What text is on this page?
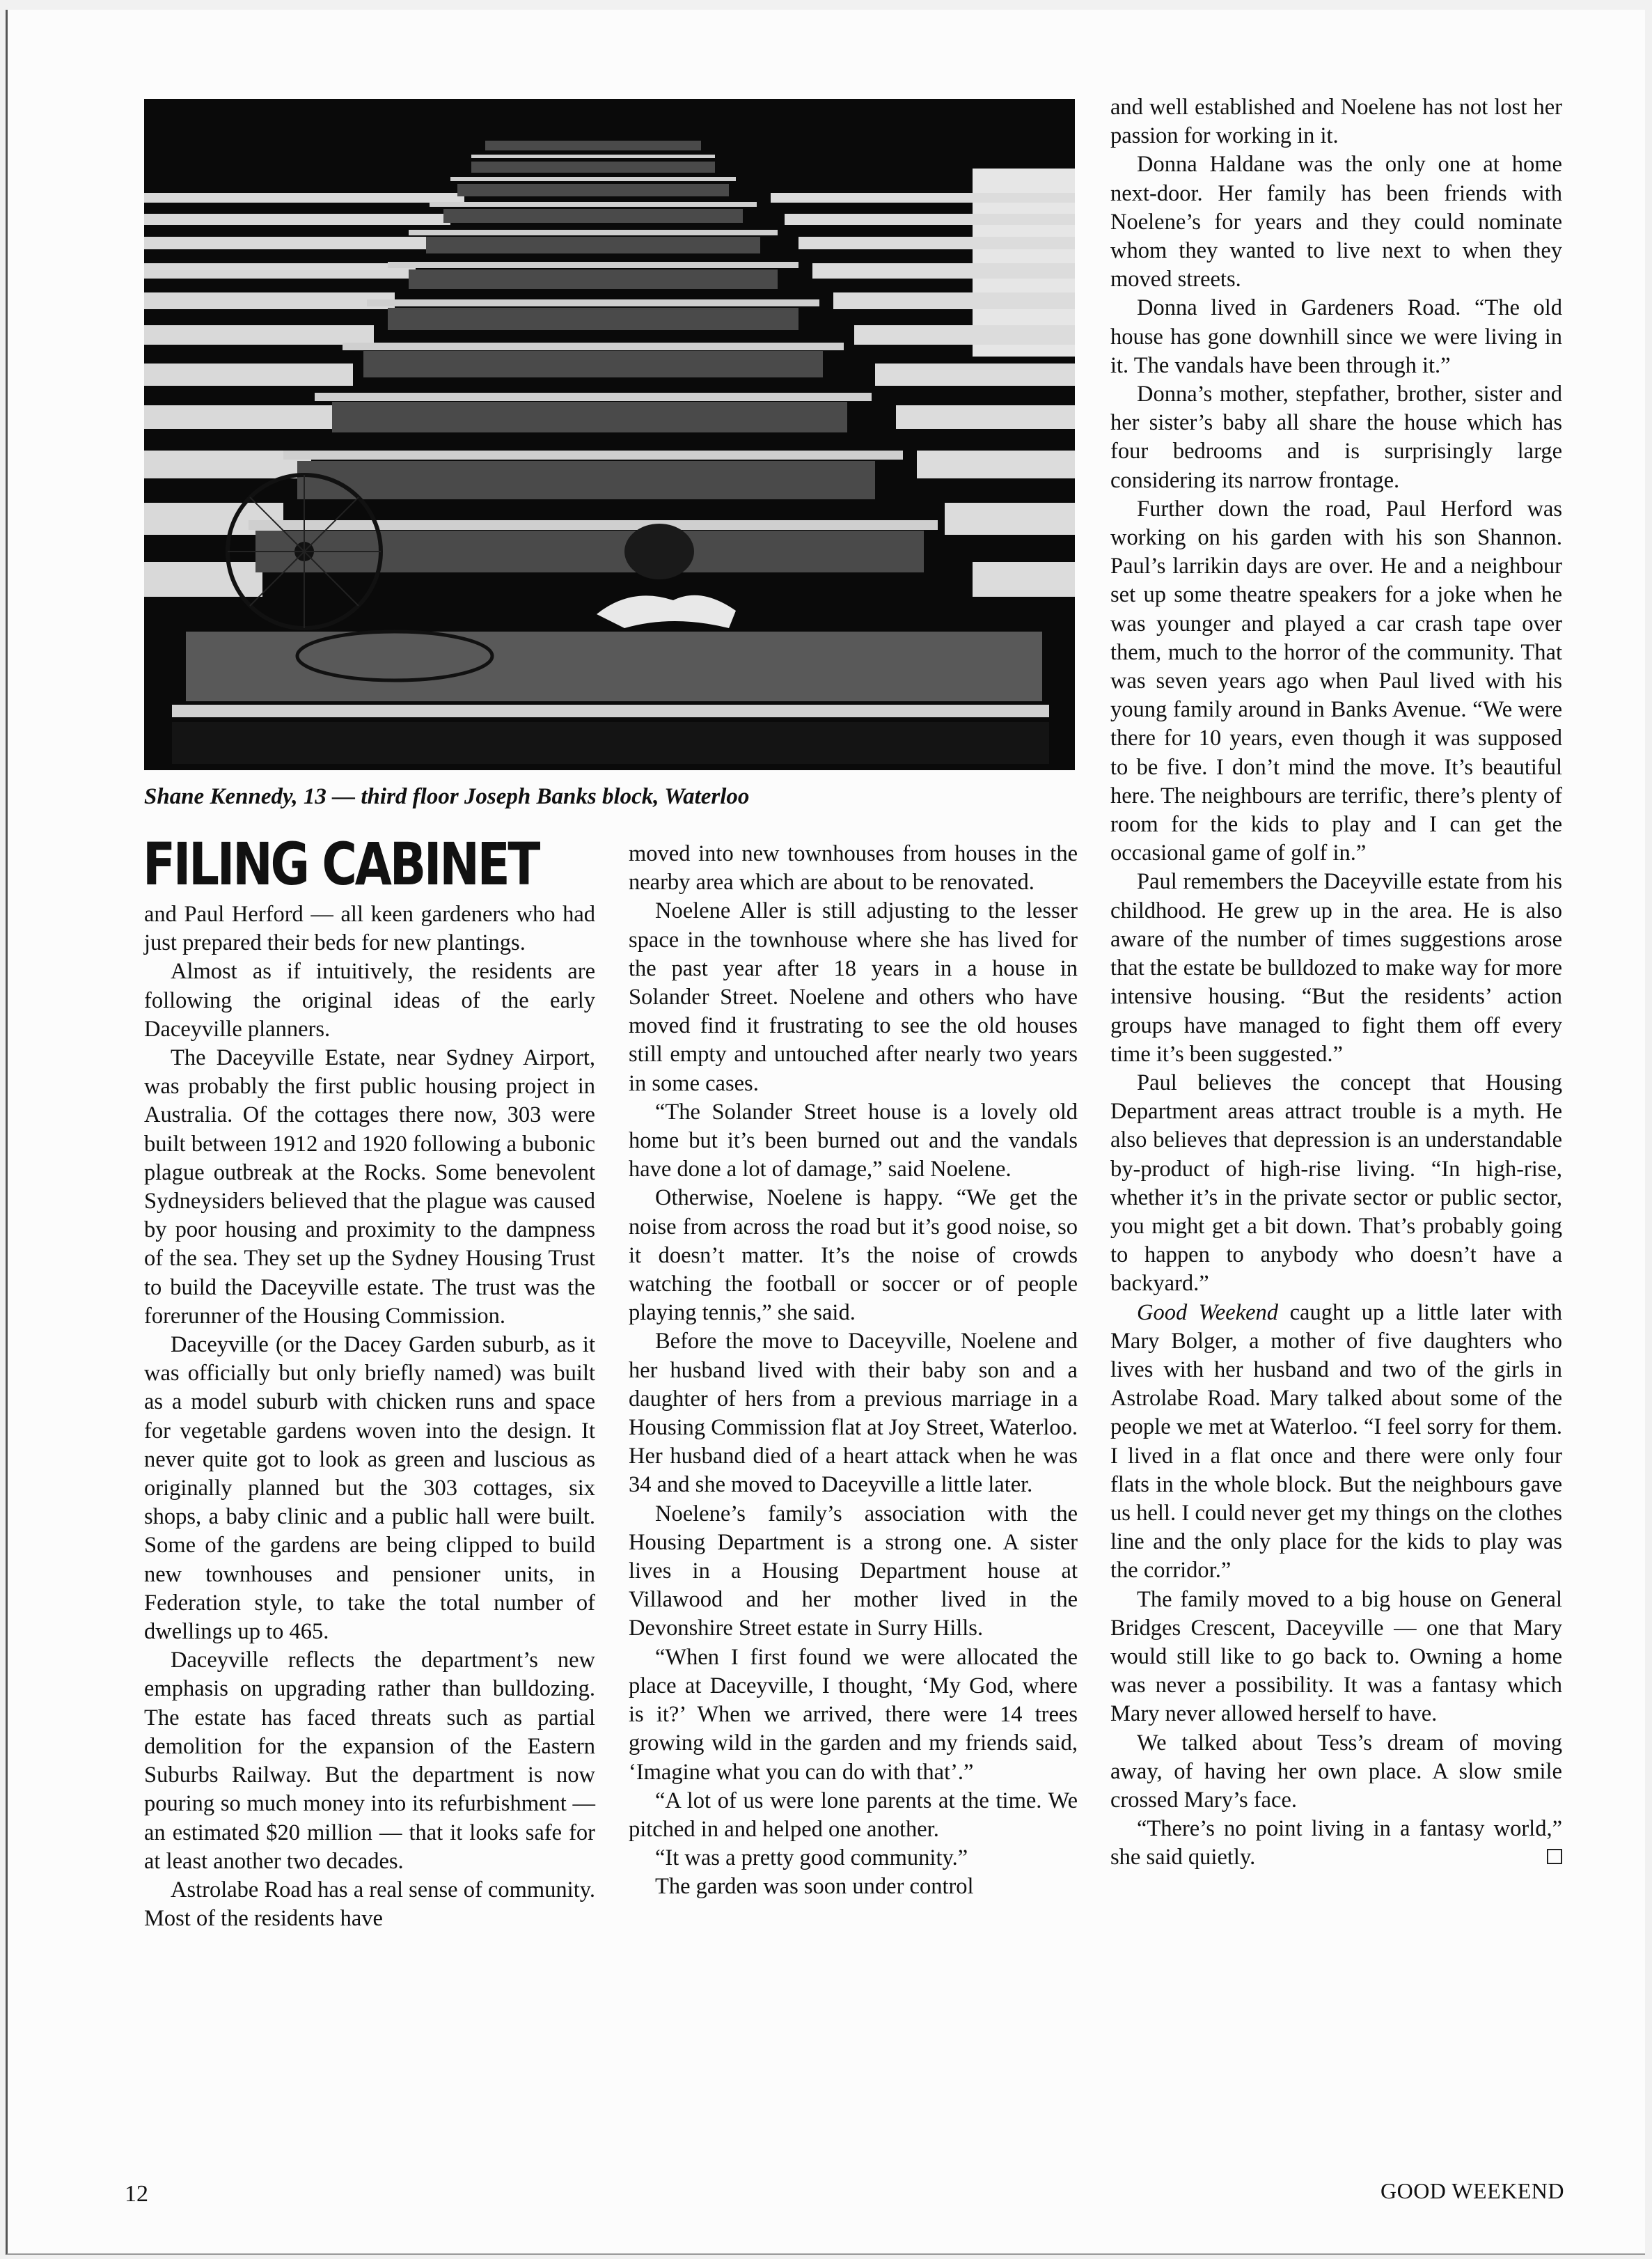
Shane Kennedy, 13 — third floor Joseph Banks block, Waterloo
FILING CABINET

and Paul Herford — all keen gardeners who had just prepared their beds for new plantings.

Almost as if intuitively, the residents are following the original ideas of the early Daceyville planners.

The Daceyville Estate, near Sydney Airport, was probably the first public housing project in Australia. Of the cottages there now, 303 were built between 1912 and 1920 following a bubonic plague outbreak at the Rocks. Some benevolent Sydneysiders believed that the plague was caused by poor housing and proximity to the dampness of the sea. They set up the Sydney Housing Trust to build the Daceyville estate. The trust was the forerunner of the Housing Commission.

Daceyville (or the Dacey Garden suburb, as it was officially but only briefly named) was built as a model suburb with chicken runs and space for vegetable gardens woven into the design. It never quite got to look as green and luscious as originally planned but the 303 cottages, six shops, a baby clinic and a public hall were built. Some of the gardens are being clipped to build new townhouses and pensioner units, in Federation style, to take the total number of dwellings up to 465.

Daceyville reflects the department’s new emphasis on upgrading rather than bulldozing. The estate has faced threats such as partial demolition for the expansion of the Eastern Suburbs Railway. But the department is now pouring so much money into its refurbishment — an estimated $20 million — that it looks safe for at least another two decades.

Astrolabe Road has a real sense of community. Most of the residents have

moved into new townhouses from houses in the nearby area which are about to be renovated.

Noelene Aller is still adjusting to the lesser space in the townhouse where she has lived for the past year after 18 years in a house in Solander Street. Noelene and others who have moved find it frustrating to see the old houses still empty and untouched after nearly two years in some cases.

“The Solander Street house is a lovely old home but it’s been burned out and the vandals have done a lot of damage,” said Noelene.

Otherwise, Noelene is happy. “We get the noise from across the road but it’s good noise, so it doesn’t matter. It’s the noise of crowds watching the football or soccer or of people playing tennis,” she said.

Before the move to Daceyville, Noelene and her husband lived with their baby son and a daughter of hers from a previous marriage in a Housing Commission flat at Joy Street, Waterloo. Her husband died of a heart attack when he was 34 and she moved to Daceyville a little later.

Noelene’s family’s association with the Housing Department is a strong one. A sister lives in a Housing Department house at Villawood and her mother lived in the Devonshire Street estate in Surry Hills.

“When I first found we were allocated the place at Daceyville, I thought, ‘My God, where is it?’ When we arrived, there were 14 trees growing wild in the garden and my friends said, ‘Imagine what you can do with that’.”

“A lot of us were lone parents at the time. We pitched in and helped one another.

“It was a pretty good community.”

The garden was soon under control

and well established and Noelene has not lost her passion for working in it.

Donna Haldane was the only one at home next-door. Her family has been friends with Noelene’s for years and they could nominate whom they wanted to live next to when they moved streets.

Donna lived in Gardeners Road. “The old house has gone downhill since we were living in it. The vandals have been through it.”

Donna’s mother, stepfather, brother, sister and her sister’s baby all share the house which has four bedrooms and is surprisingly large considering its narrow frontage.

Further down the road, Paul Herford was working on his garden with his son Shannon. Paul’s larrikin days are over. He and a neighbour set up some theatre speakers for a joke when he was younger and played a car crash tape over them, much to the horror of the community. That was seven years ago when Paul lived with his young family around in Banks Avenue. “We were there for 10 years, even though it was supposed to be five. I don’t mind the move. It’s beautiful here. The neighbours are terrific, there’s plenty of room for the kids to play and I can get the occasional game of golf in.”

Paul remembers the Daceyville estate from his childhood. He grew up in the area. He is also aware of the number of times suggestions arose that the estate be bulldozed to make way for more intensive housing. “But the residents’ action groups have managed to fight them off every time it’s been suggested.”

Paul believes the concept that Housing Department areas attract trouble is a myth. He also believes that depression is an understandable by-product of high-rise living. “In high-rise, whether it’s in the private sector or public sector, you might get a bit down. That’s probably going to happen to anybody who doesn’t have a backyard.”

Good Weekend caught up a little later with Mary Bolger, a mother of five daughters who lives with her husband and two of the girls in Astrolabe Road. Mary talked about some of the people we met at Waterloo. “I feel sorry for them. I lived in a flat once and there were only four flats in the whole block. But the neighbours gave us hell. I could never get my things on the clothes line and the only place for the kids to play was the corridor.”

The family moved to a big house on General Bridges Crescent, Daceyville — one that Mary would still like to go back to. Owning a home was never a possibility. It was a fantasy which Mary never allowed herself to have.

We talked about Tess’s dream of moving away, of having her own place. A slow smile crossed Mary’s face.

“There’s no point living in a fantasy world,” she said quietly.

12	GOOD WEEKEND
